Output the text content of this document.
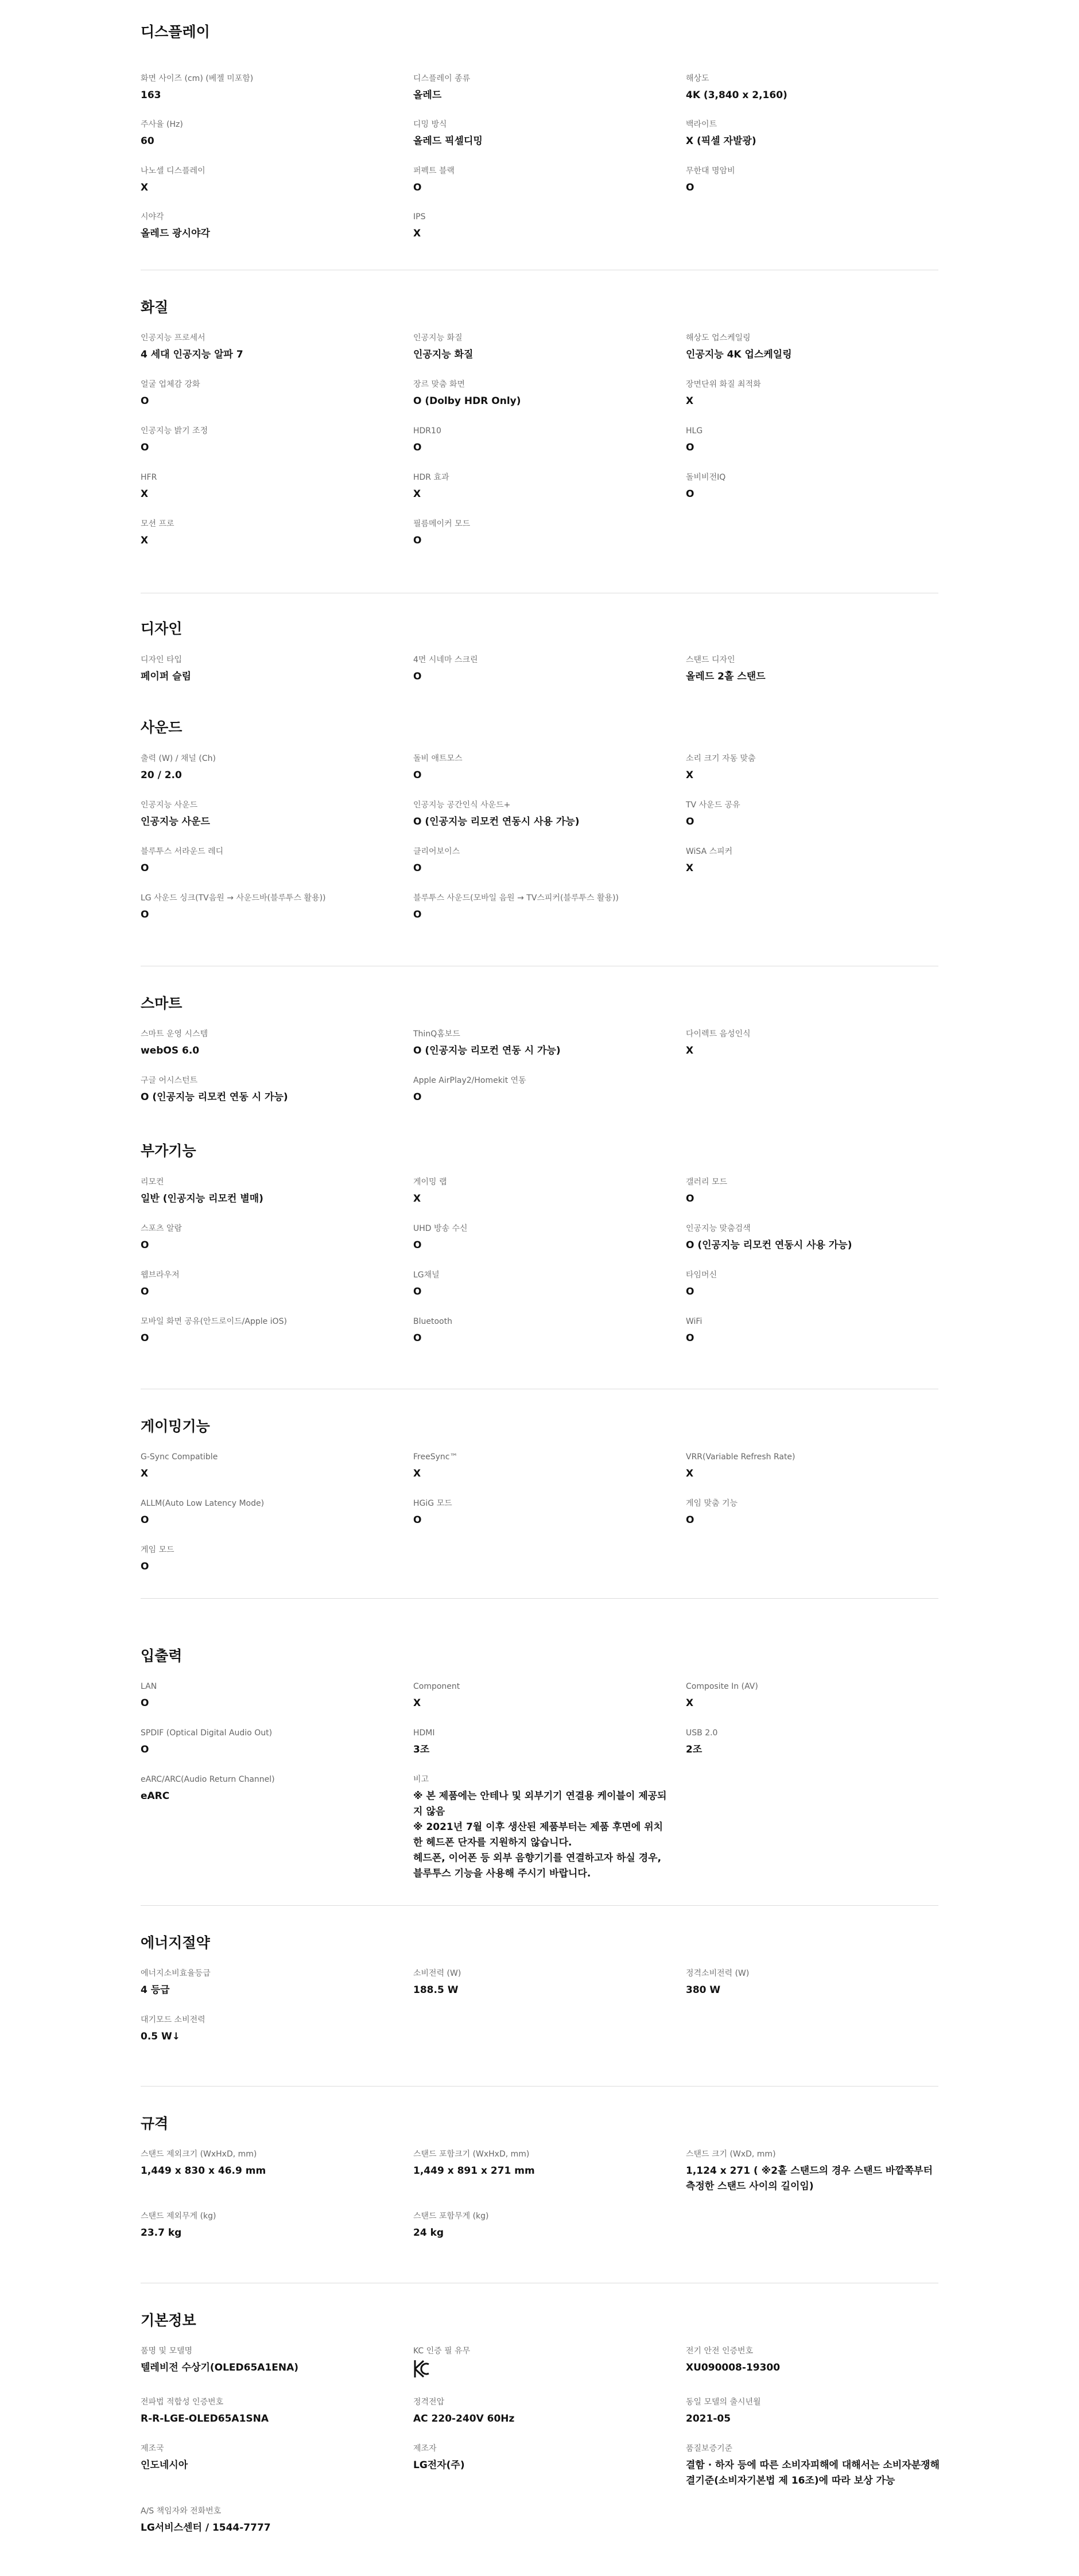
디스플레이
화면 사이즈 (cm) (베젤 미포함)
163
디스플레이 종류
올레드
해상도
4K (3,840 x 2,160)
주사율 (Hz)
60
디밍 방식
올레드 픽셀디밍
백라이트
X (픽셀 자발광)
나노셀 디스플레이
X
퍼펙트 블랙
O
무한대 명암비
O
시야각
올레드 광시야각
IPS
X
화질
인공지능 프로세서
4 세대 인공지능 알파 7
인공지능 화질
인공지능 화질
해상도 업스케일링
인공지능 4K 업스케일링
얼굴 업체감 강화
O
장르 맞춤 화면
O (Dolby HDR Only)
장면단위 화질 최적화
X
인공지능 밝기 조정
O
HDR10
O
HLG
O
HFR
X
HDR 효과
X
돌비비전IQ
O
모션 프로
X
필름메이커 모드
O
디자인
디자인 타입
페이퍼 슬림
4면 시네마 스크린
O
스탠드 디자인
올레드 2홀 스탠드
사운드
출력 (W) / 채널 (Ch)
20 / 2.0
돌비 애트모스
O
소리 크기 자동 맞춤
X
인공지능 사운드
인공지능 사운드
인공지능 공간인식 사운드+
O (인공지능 리모컨 연동시 사용 가능)
TV 사운드 공유
O
블루투스 서라운드 레디
O
클리어보이스
O
WiSA 스피커
X
LG 사운드 싱크(TV음원 → 사운드바(블루투스 활용))
O
블루투스 사운드(모바일 음원 → TV스피커(블루투스 활용))
O
스마트
스마트 운영 시스템
webOS 6.0
ThinQ홈보드
O (인공지능 리모컨 연동 시 가능)
다이렉트 음성인식
X
구글 어시스턴트
O (인공지능 리모컨 연동 시 가능)
Apple AirPlay2/Homekit 연동
O
부가기능
리모컨
일반 (인공지능 리모컨 별매)
게이밍 랩
X
갤러리 모드
O
스포츠 알람
O
UHD 방송 수신
O
인공지능 맞춤검색
O (인공지능 리모컨 연동시 사용 가능)
웹브라우저
O
LG채널
O
타임머신
O
모바일 화면 공유(안드로이드/Apple iOS)
O
Bluetooth
O
WiFi
O
게이밍기능
G-Sync Compatible
X
FreeSync™
X
VRR(Variable Refresh Rate)
X
ALLM(Auto Low Latency Mode)
O
HGiG 모드
O
게임 맞춤 기능
O
게임 모드
O
입출력
LAN
O
Component
X
Composite In (AV)
X
SPDIF (Optical Digital Audio Out)
O
HDMI
3조
USB 2.0
2조
eARC/ARC(Audio Return Channel)
eARC
비고
※ 본 제품에는 안테나 및 외부기기 연결용 케이블이 제공되지 않음
※ 2021년 7월 이후 생산된 제품부터는 제품 후면에 위치한 헤드폰 단자를 지원하지 않습니다.
헤드폰, 이어폰 등 외부 음향기기를 연결하고자 하실 경우,
블루투스 기능을 사용해 주시기 바랍니다.
에너지절약
에너지소비효율등급
4 등급
소비전력 (W)
188.5 W
정격소비전력 (W)
380 W
대기모드 소비전력
0.5 W↓
규격
스탠드 제외크기 (WxHxD, mm)
1,449 x 830 x 46.9 mm
스탠드 포함크기 (WxHxD, mm)
1,449 x 891 x 271 mm
스탠드 크기 (WxD, mm)
1,124 x 271 ( ※2홀 스탠드의 경우 스탠드 바깥쪽부터 측정한 스탠드 사이의 길이임)
스탠드 제외무게 (kg)
23.7 kg
스탠드 포함무게 (kg)
24 kg
기본정보
품명 및 모델명
텔레비전 수상기(OLED65A1ENA)
KC 인증 필 유무	전기 안전 인증번호
XU090008-19300
전파법 적합성 인증번호
R-R-LGE-OLED65A1SNA
정격전압
AC 220-240V 60Hz
동일 모델의 출시년월
2021-05
제조국
인도네시아
제조자
LG전자(주)
품질보증기준
결함 · 하자 등에 따른 소비자피해에 대해서는 소비자분쟁해결기준(소비자기본법 제 16조)에 따라 보상 가능
A/S 책임자와 전화번호
LG서비스센터 / 1544-7777
